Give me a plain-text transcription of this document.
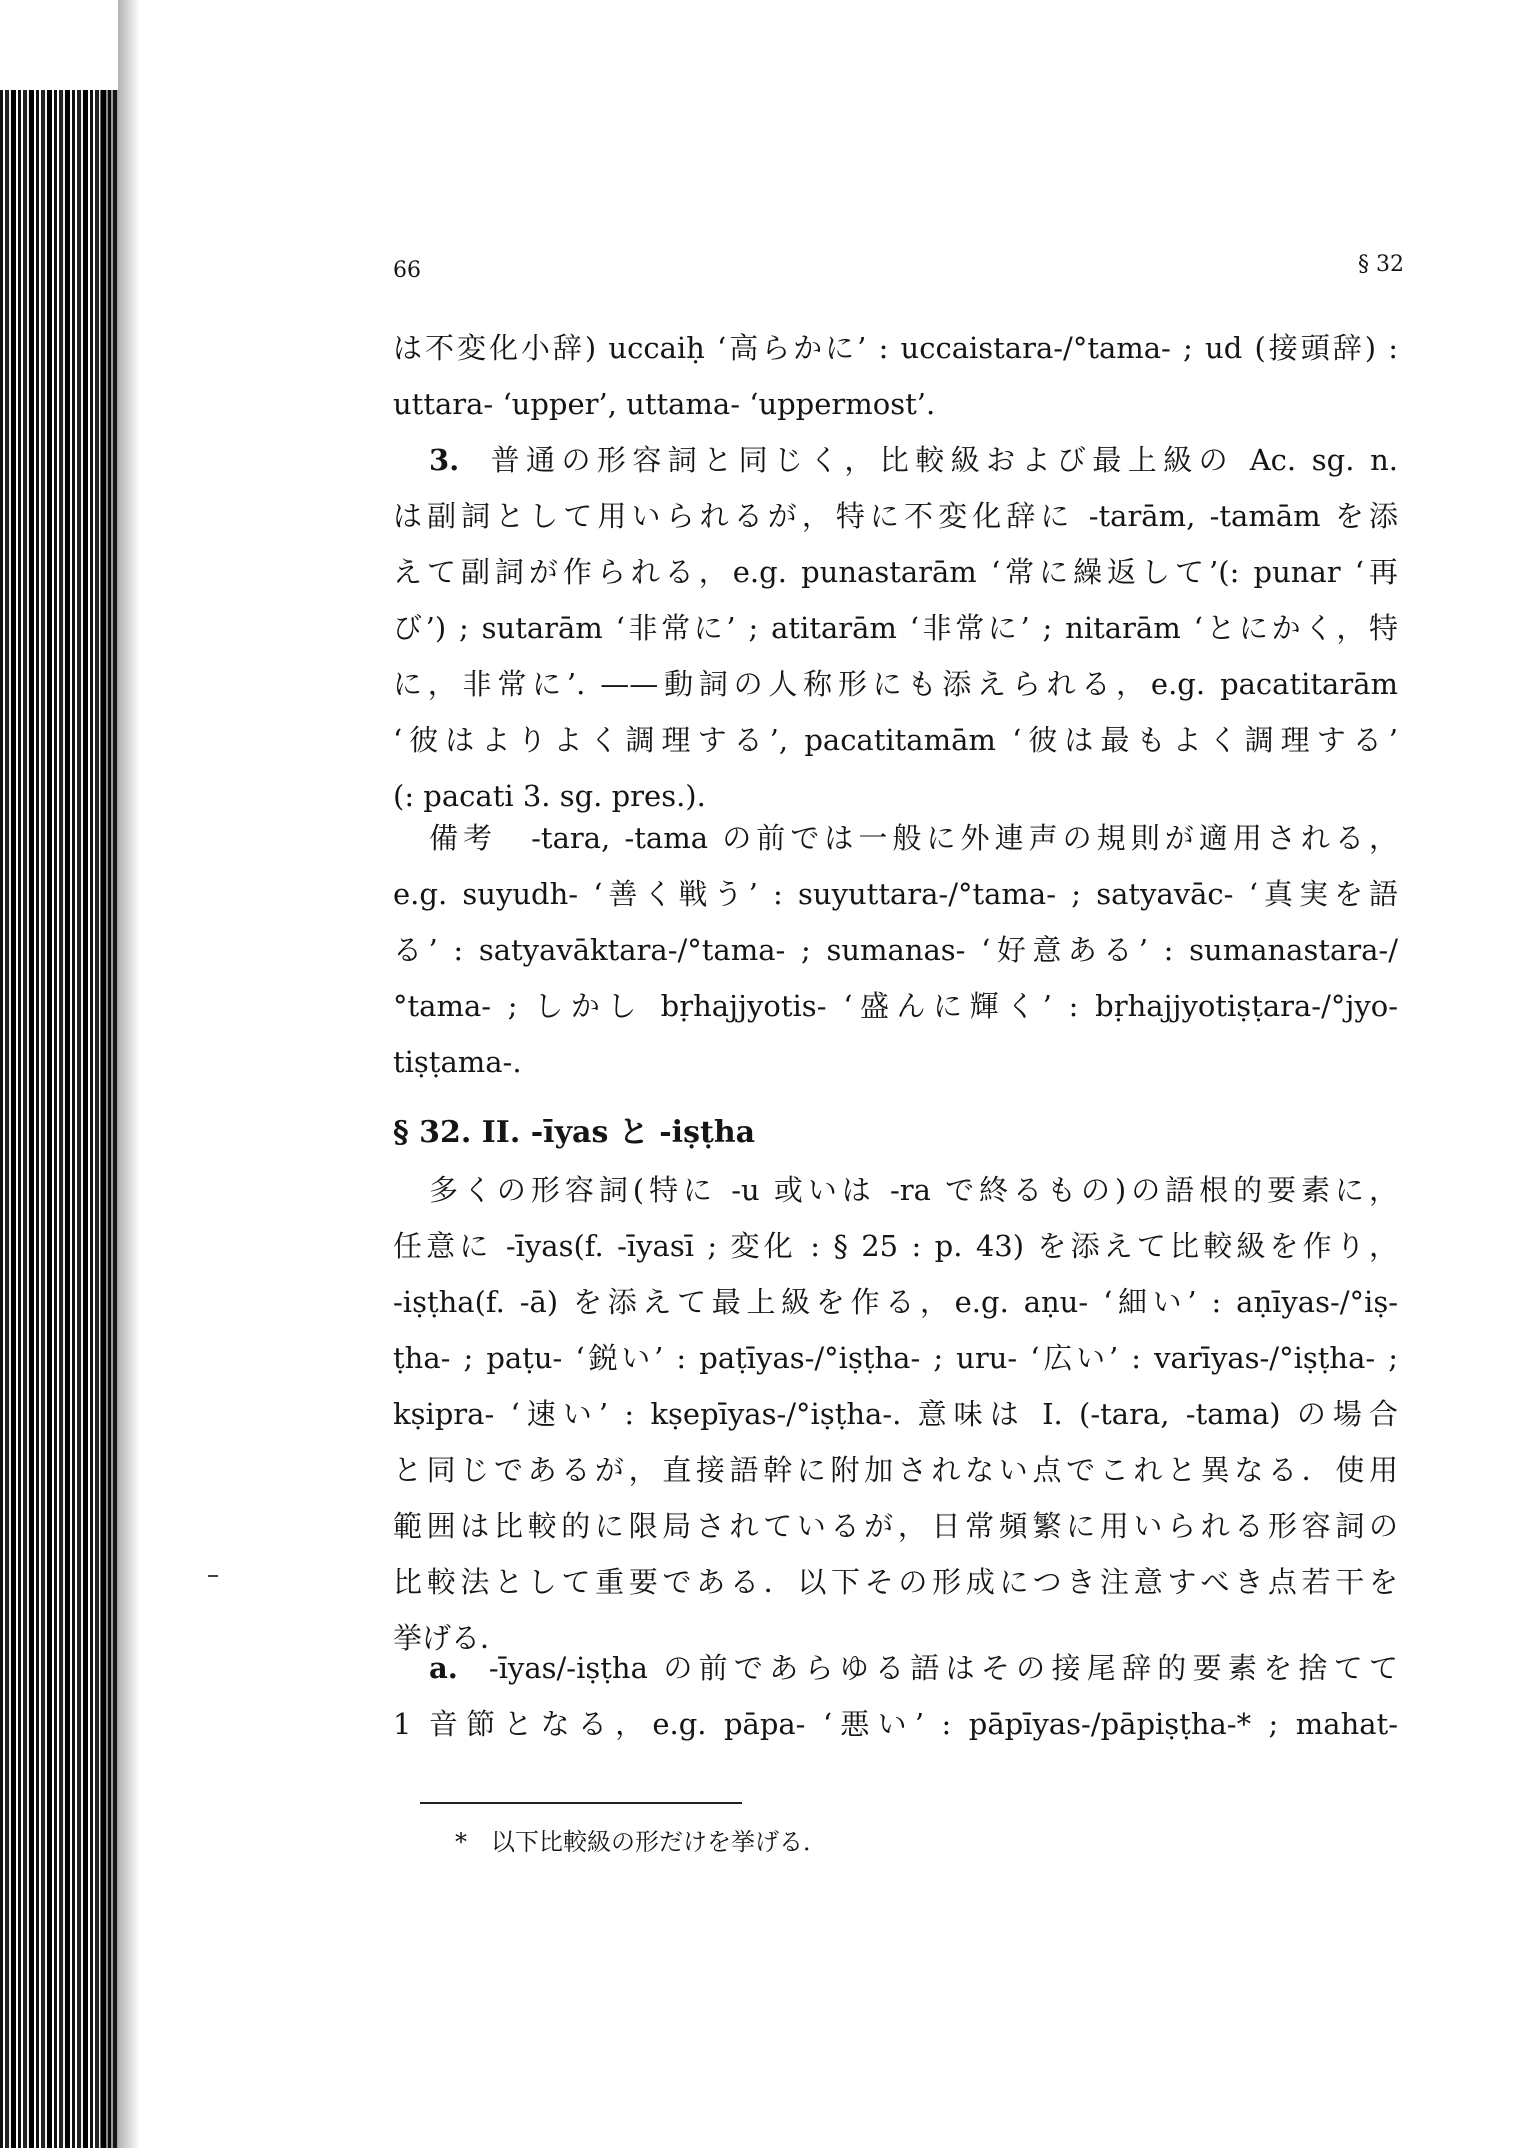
66	§ 32
は不変化小辞) uccaiḥ ‘高らかに’ : uccaistara-/°tama- ; ud (接頭辞) :
uttara- ‘upper’, uttama- ‘uppermost’.
3. 普通の形容詞と同じく，比較級および最上級の Ac. sg. n.
は副詞として用いられるが，特に不変化辞に -tarām, -tamām を添
えて副詞が作られる，e.g. punastarām ‘常に繰返して’(: punar ‘再
び’) ; sutarām ‘非常に’ ; atitarām ‘非常に’ ; nitarām ‘とにかく，特
に，非常に’. ——動詞の人称形にも添えられる，e.g. pacatitarām
‘彼はよりよく調理する’, pacatitamām ‘彼は最もよく調理する’
(: pacati 3. sg. pres.).
備考　-tara, -tama の前では一般に外連声の規則が適用される，
e.g. suyudh- ‘善く戦う’ : suyuttara-/°tama- ; satyavāc- ‘真実を語
る’ : satyavāktara-/°tama- ; sumanas- ‘好意ある’ : sumanastara-/
°tama- ; しかし bṛhajjyotis- ‘盛んに輝く’ : bṛhajjyotiṣṭara-/°jyo-
tiṣṭama-.
§ 32. II. -īyas と -iṣṭha
多くの形容詞(特に -u 或いは -ra で終るもの)の語根的要素に，
任意に -īyas(f. -īyasī ; 変化 : § 25 : p. 43) を添えて比較級を作り，
-iṣṭha(f. -ā) を添えて最上級を作る，e.g. aṇu- ‘細い’ : aṇīyas-/°iṣ-
ṭha- ; paṭu- ‘鋭い’ : paṭīyas-/°iṣṭha- ; uru- ‘広い’ : varīyas-/°iṣṭha- ;
kṣipra- ‘速い’ : kṣepīyas-/°iṣṭha-. 意味は I. (-tara, -tama) の場合
と同じであるが，直接語幹に附加されない点でこれと異なる．使用
範囲は比較的に限局されているが，日常頻繁に用いられる形容詞の
比較法として重要である．以下その形成につき注意すべき点若干を
挙げる．
a. -īyas/-iṣṭha の前であらゆる語はその接尾辞的要素を捨てて
1 音節となる，e.g. pāpa- ‘悪い’ : pāpīyas-/pāpiṣṭha-* ; mahat-
*　以下比較級の形だけを挙げる．
